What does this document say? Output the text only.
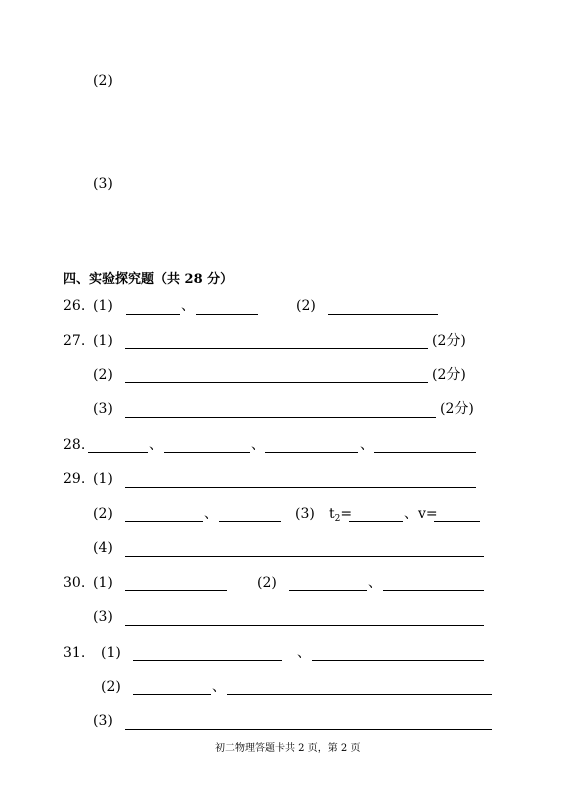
(2)
(3)
四、实验探究题（共 28 分）
26. (1)	、	(2)
27. (1)	(2分)
(2)	(2分)
(3)	(2分)
28.	、	、	、
29. (1)
(2)	、	(3) $t_2=$	、 v=
(4)
30. (1)	(2)	、
(3)
31. (1)	、
(2)	、
(3)
初二物理答题卡共 2 页，第 2 页
